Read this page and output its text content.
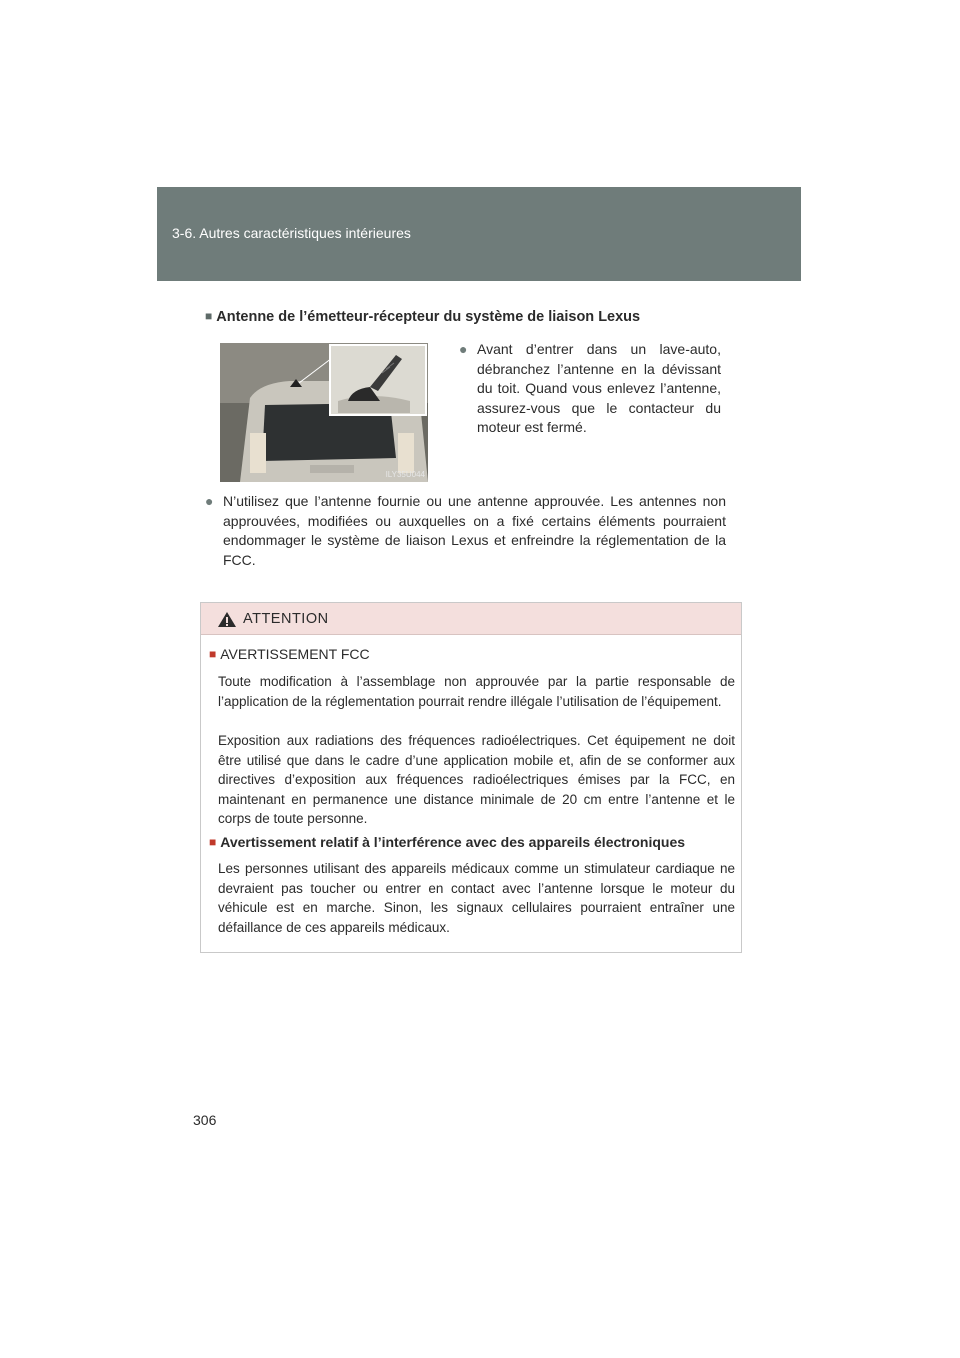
3-6. Autres caractéristiques intérieures
■ Antenne de l’émetteur-récepteur du système de liaison Lexus
ILY35U044
● Avant d’entrer dans un lave-auto, débranchez l’antenne en la dévissant du toit. Quand vous enlevez l’antenne, assurez-vous que le contacteur du moteur est fermé.
● N’utilisez que l’antenne fournie ou une antenne approuvée. Les antennes non approuvées, modifiées ou auxquelles on a fixé certains éléments pourraient endommager le système de liaison Lexus et enfreindre la réglementation de la FCC.
ATTENTION
■ AVERTISSEMENT FCC
Toute modification à l’assemblage non approuvée par la partie responsable de l’application de la réglementation pourrait rendre illégale l’utilisation de l’équipement.
Exposition aux radiations des fréquences radioélectriques. Cet équipement ne doit être utilisé que dans le cadre d’une application mobile et, afin de se conformer aux directives d’exposition aux fréquences radioélectriques émises par la FCC, en maintenant en permanence une distance minimale de 20 cm entre l’antenne et le corps de toute personne.
■ Avertissement relatif à l’interférence avec des appareils électroniques
Les personnes utilisant des appareils médicaux comme un stimulateur cardiaque ne devraient pas toucher ou entrer en contact avec l’antenne lorsque le moteur du véhicule est en marche. Sinon, les signaux cellulaires pourraient entraîner une défaillance de ces appareils médicaux.
306
